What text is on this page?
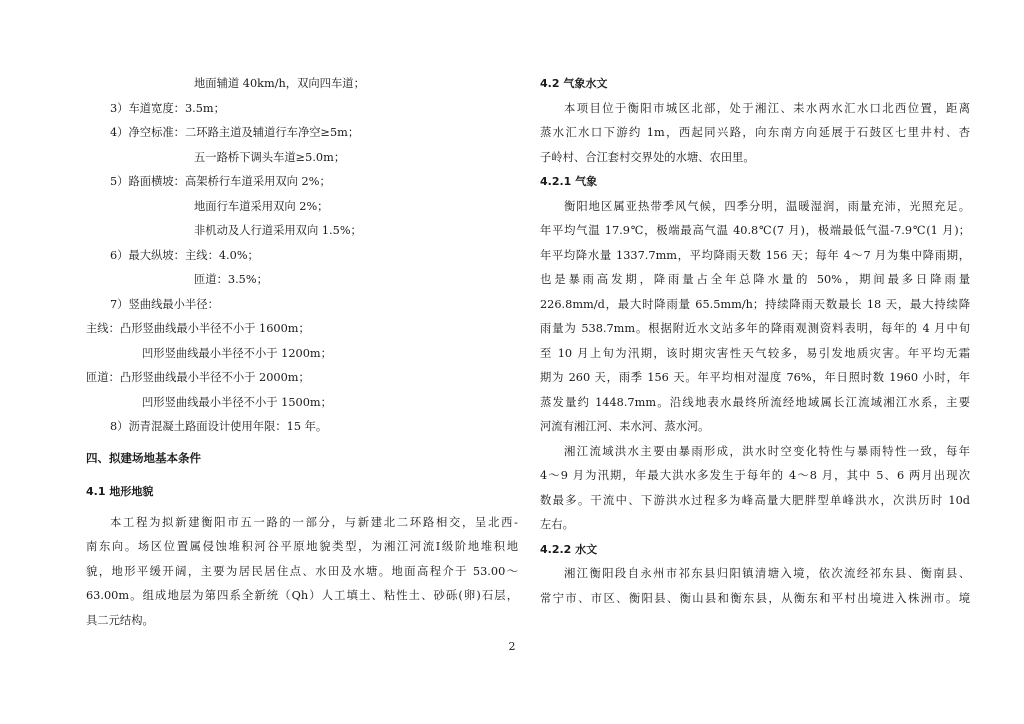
地面辅道 40km/h，双向四车道；
3）车道宽度：3.5m；
4）净空标准：二环路主道及辅道行车净空≥5m；
五一路桥下调头车道≥5.0m；
5）路面横坡：高架桥行车道采用双向 2%；
地面行车道采用双向 2%；
非机动及人行道采用双向 1.5%；
6）最大纵坡：主线：4.0%；
匝道：3.5%；
7）竖曲线最小半径：
主线：凸形竖曲线最小半径不小于 1600m；
凹形竖曲线最小半径不小于 1200m；
匝道：凸形竖曲线最小半径不小于 2000m；
凹形竖曲线最小半径不小于 1500m；
8）沥青混凝土路面设计使用年限：15 年。
四、拟建场地基本条件
4.1 地形地貌
本工程为拟新建衡阳市五一路的一部分，与新建北二环路相交，呈北西-
南东向。场区位置属侵蚀堆积河谷平原地貌类型，为湘江河流Ⅰ级阶地堆积地
貌，地形平缓开阔，主要为居民居住点、水田及水塘。地面高程介于 53.00～
63.00m。组成地层为第四系全新统（Qh）人工填土、粘性土、砂砾(卵)石层，
具二元结构。
4.2 气象水文
本项目位于衡阳市城区北部，处于湘江、耒水两水汇水口北西位置，距离
蒸水汇水口下游约 1m，西起同兴路，向东南方向延展于石鼓区七里井村、杏
子岭村、合江套村交界处的水塘、农田里。
4.2.1 气象
衡阳地区属亚热带季风气候，四季分明，温暖湿润，雨量充沛，光照充足。
年平均气温 17.9℃，极端最高气温 40.8℃(7 月)，极端最低气温-7.9℃(1 月)；
年平均降水量 1337.7mm，平均降雨天数 156 天；每年 4～7 月为集中降雨期，
也是暴雨高发期，降雨量占全年总降水量的 50%，期间最多日降雨量
226.8mm/d，最大时降雨量 65.5mm/h；持续降雨天数最长 18 天，最大持续降
雨量为 538.7mm。根据附近水文站多年的降雨观测资料表明，每年的 4 月中旬
至 10 月上旬为汛期，该时期灾害性天气较多，易引发地质灾害。年平均无霜
期为 260 天，雨季 156 天。年平均相对湿度 76%，年日照时数 1960 小时，年
蒸发量约 1448.7mm。沿线地表水最终所流经地域属长江流域湘江水系，主要
河流有湘江河、耒水河、蒸水河。
湘江流域洪水主要由暴雨形成，洪水时空变化特性与暴雨特性一致，每年
4～9 月为汛期，年最大洪水多发生于每年的 4～8 月，其中 5、6 两月出现次
数最多。干流中、下游洪水过程多为峰高量大肥胖型单峰洪水，次洪历时 10d
左右。
4.2.2 水文
湘江衡阳段自永州市祁东县归阳镇清塘入境，依次流经祁东县、衡南县、
常宁市、市区、衡阳县、衡山县和衡东县，从衡东和平村出境进入株洲市。境
2
